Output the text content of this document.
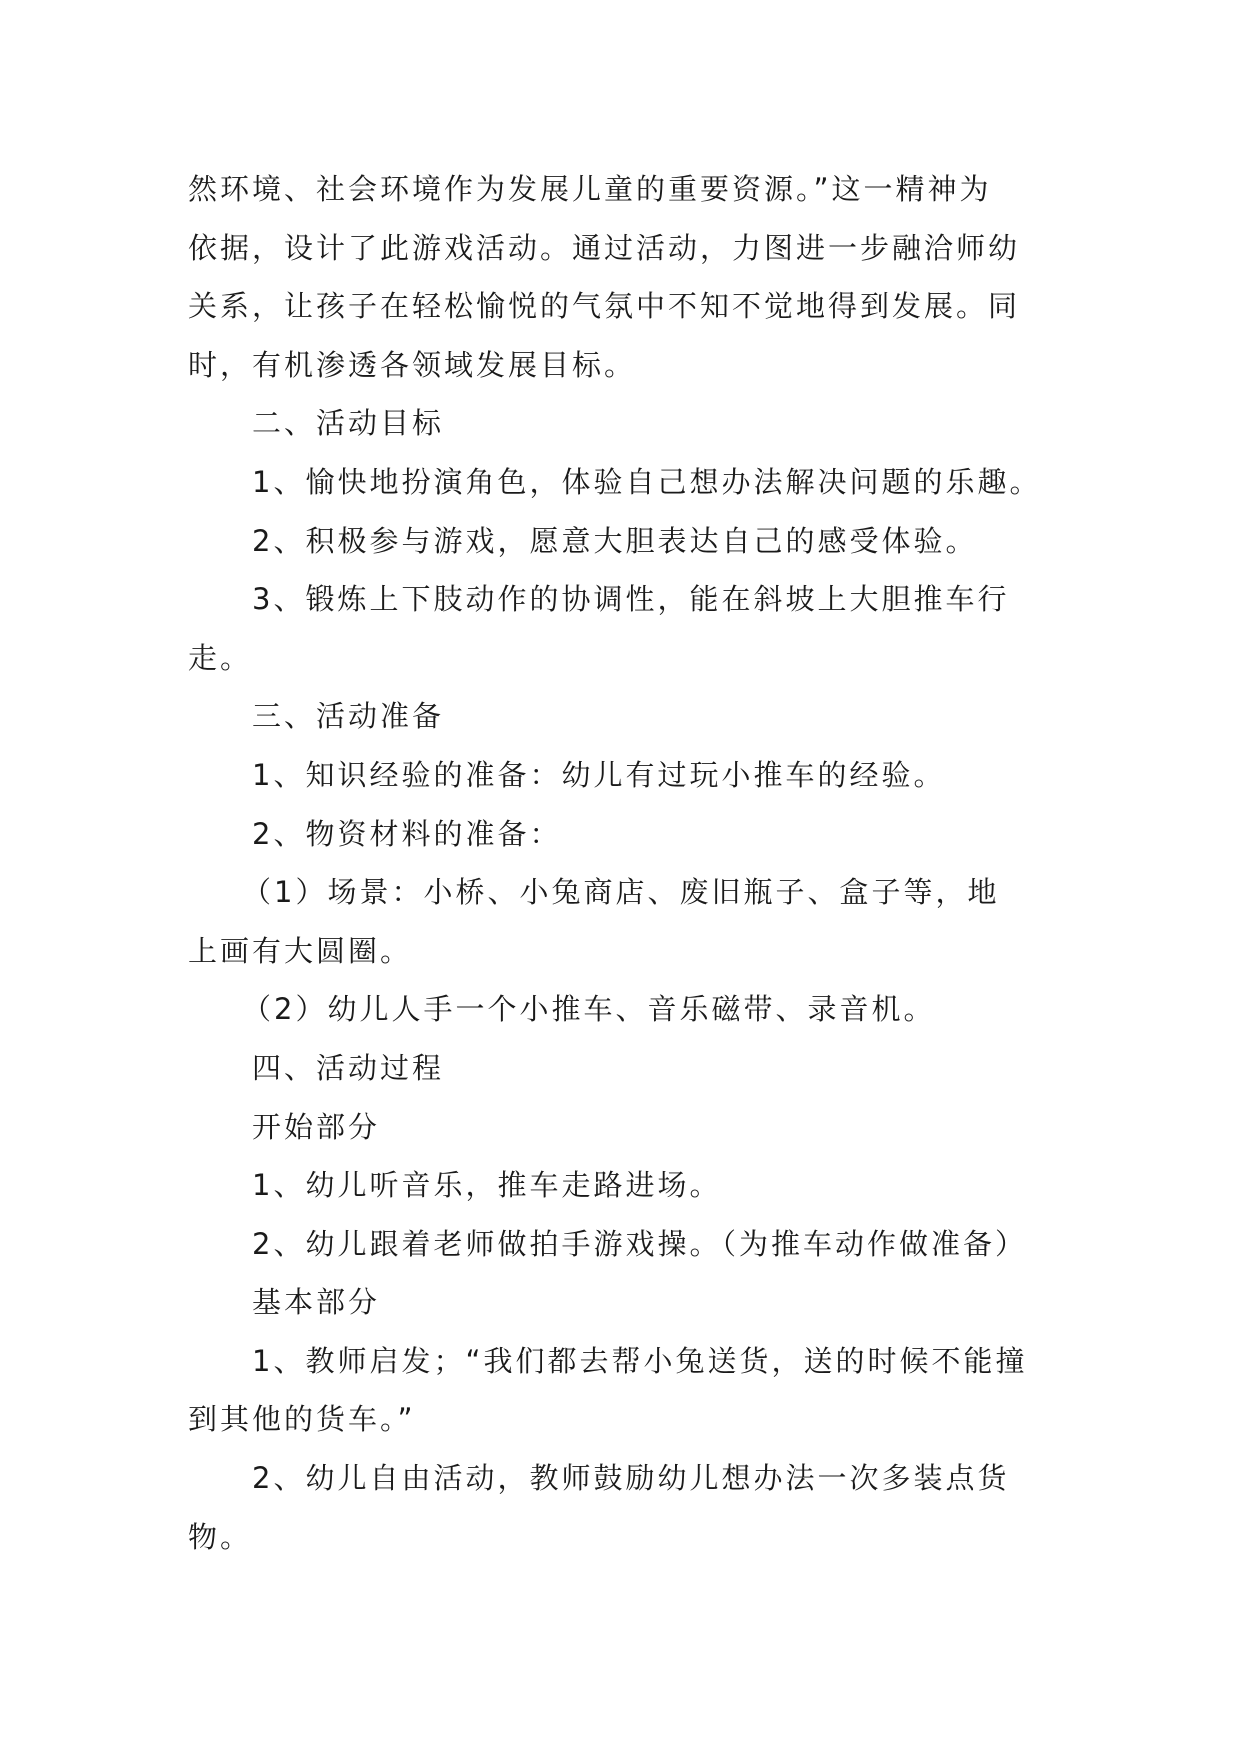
然环境、社会环境作为发展儿童的重要资源。”这一精神为
依据，设计了此游戏活动。通过活动，力图进一步融洽师幼
关系，让孩子在轻松愉悦的气氛中不知不觉地得到发展。同
时，有机渗透各领域发展目标。
二、活动目标
1、愉快地扮演角色，体验自己想办法解决问题的乐趣。
2、积极参与游戏，愿意大胆表达自己的感受体验。
3、锻炼上下肢动作的协调性，能在斜坡上大胆推车行
走。
三、活动准备
1、知识经验的准备：幼儿有过玩小推车的经验。
2、物资材料的准备：
（1）场景：小桥、小兔商店、废旧瓶子、盒子等，地
上画有大圆圈。
（2）幼儿人手一个小推车、音乐磁带、录音机。
四、活动过程
开始部分
1、幼儿听音乐，推车走路进场。
2、幼儿跟着老师做拍手游戏操。（为推车动作做准备）
基本部分
1、教师启发；“我们都去帮小兔送货，送的时候不能撞
到其他的货车。”
2、幼儿自由活动，教师鼓励幼儿想办法一次多装点货
物。
